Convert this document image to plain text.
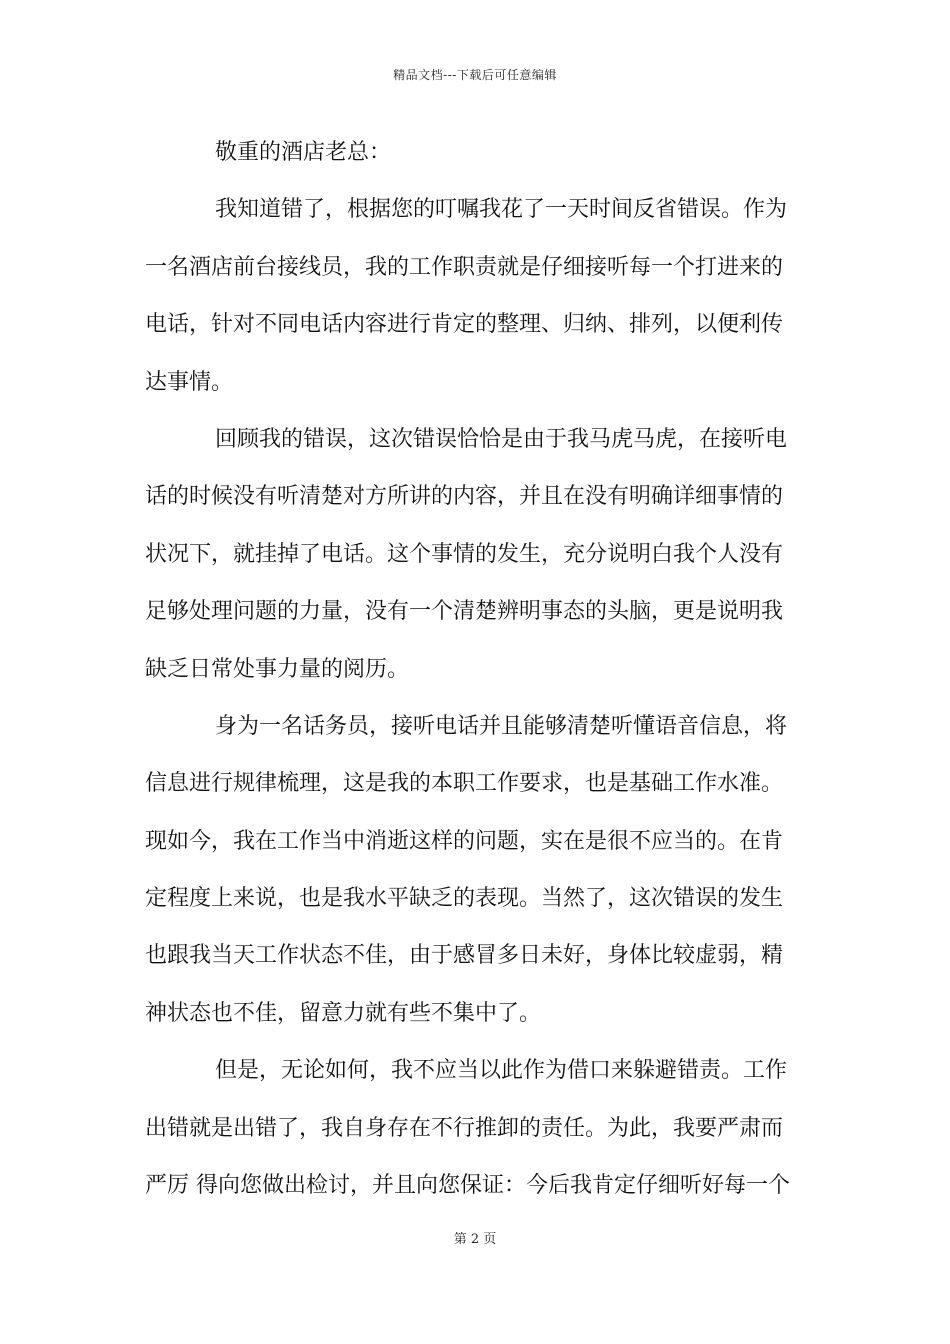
精品文档---下载后可任意编辑
敬重的酒店老总：
我知道错了，根据您的叮嘱我花了一天时间反省错误。作为
一名酒店前台接线员，我的工作职责就是仔细接听每一个打进来的
电话，针对不同电话内容进行肯定的整理、归纳、排列，以便利传
达事情。
回顾我的错误，这次错误恰恰是由于我马虎马虎，在接听电
话的时候没有听清楚对方所讲的内容，并且在没有明确详细事情的
状况下，就挂掉了电话。这个事情的发生，充分说明白我个人没有
足够处理问题的力量，没有一个清楚辨明事态的头脑，更是说明我
缺乏日常处事力量的阅历。
身为一名话务员，接听电话并且能够清楚听懂语音信息，将
信息进行规律梳理，这是我的本职工作要求，也是基础工作水准。
现如今，我在工作当中消逝这样的问题，实在是很不应当的。在肯
定程度上来说，也是我水平缺乏的表现。当然了，这次错误的发生
也跟我当天工作状态不佳，由于感冒多日未好，身体比较虚弱，精
神状态也不佳，留意力就有些不集中了。
但是，无论如何，我不应当以此作为借口来躲避错责。工作
出错就是出错了，我自身存在不行推卸的责任。为此，我要严肃而
严厉 得向您做出检讨，并且向您保证：今后我肯定仔细听好每一个
第 2 页
